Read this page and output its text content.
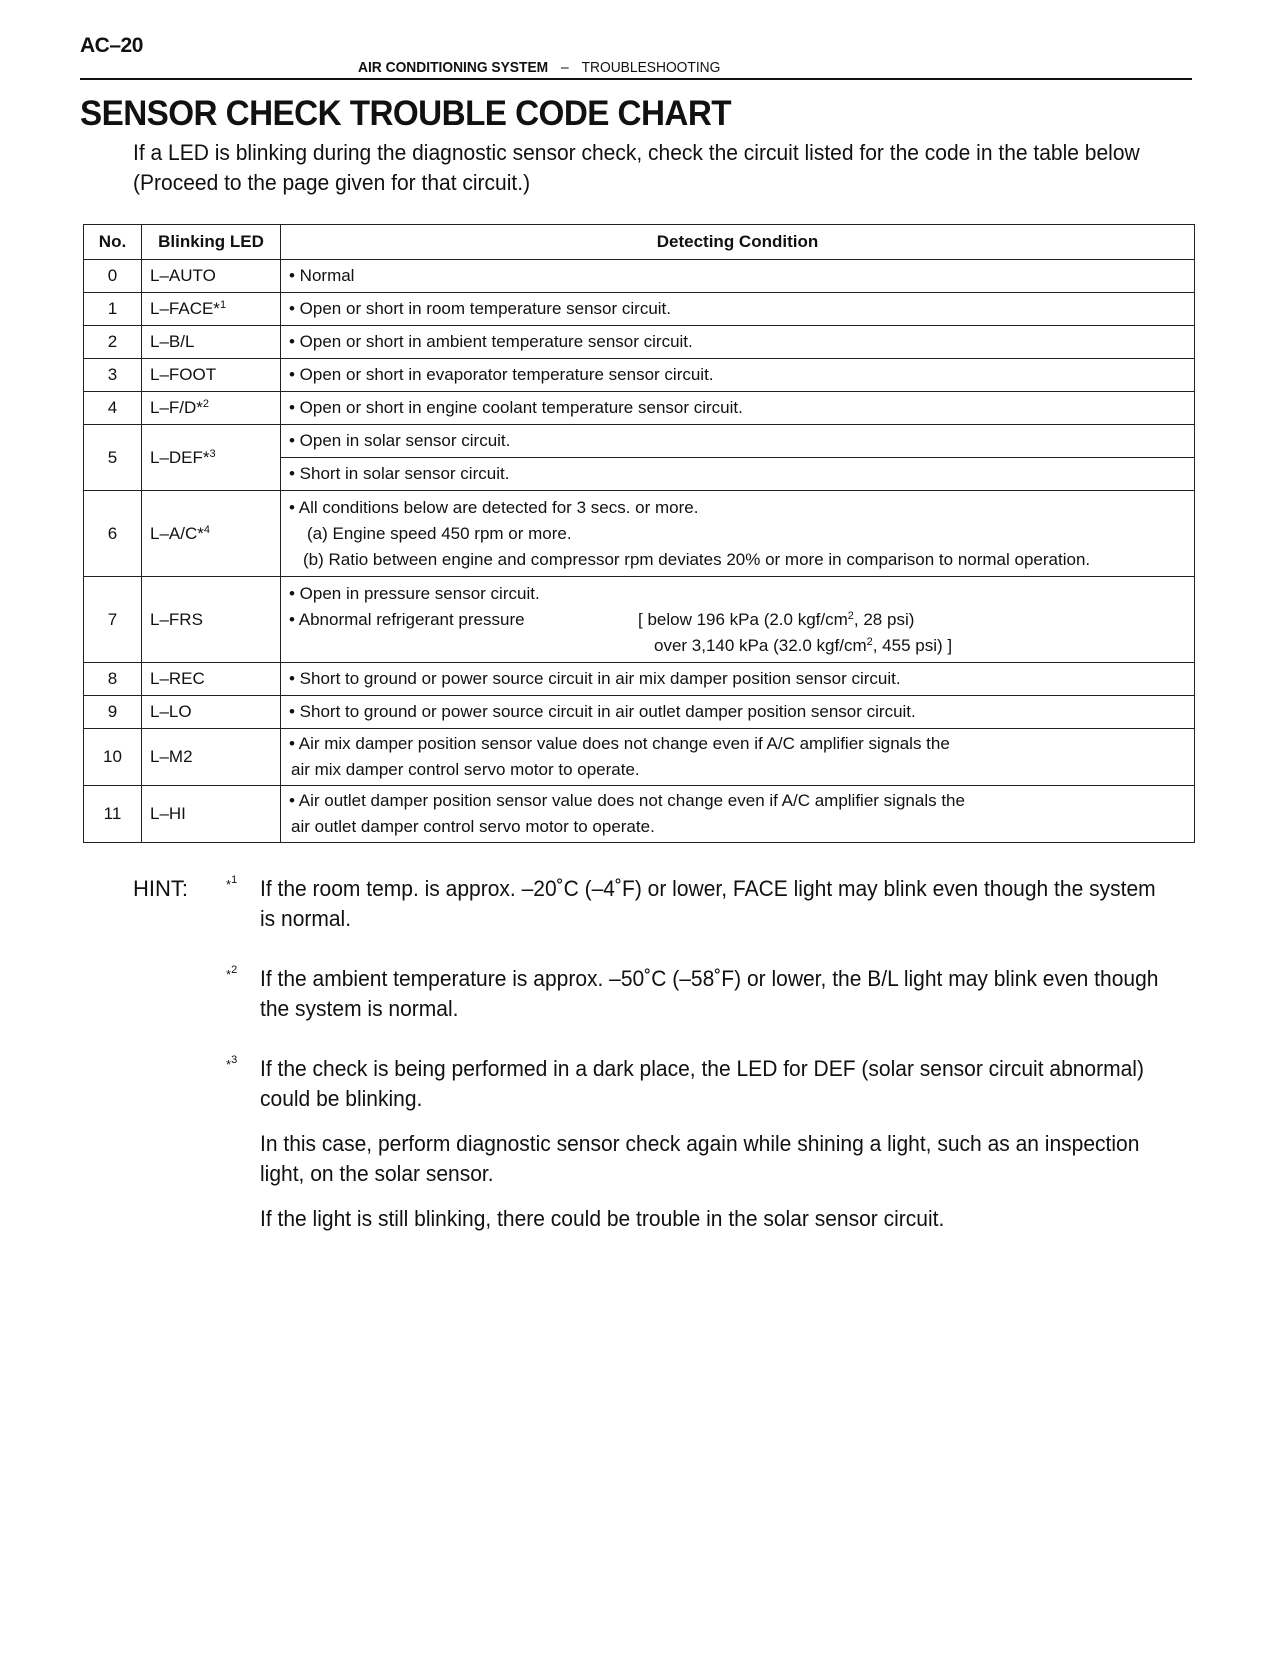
AC–20
AIR CONDITIONING SYSTEM – TROUBLESHOOTING
SENSOR CHECK TROUBLE CODE CHART

If a LED is blinking during the diagnostic sensor check, check the circuit listed for the code in the table below

(Proceed to the page given for that circuit.)

No.	Blinking LED	Detecting Condition
0	L–AUTO	• Normal

1	L–FACE*$^1$	• Open or short in room temperature sensor circuit.

2	L–B/L	• Open or short in ambient temperature sensor circuit.

3	L–FOOT	• Open or short in evaporator temperature sensor circuit.

4	L–F/D*$^2$	• Open or short in engine coolant temperature sensor circuit.

5	L–DEF*$^3$	• Open in solar sensor circuit.

		• Short in solar sensor circuit.

6	L–A/C*$^4$	• All conditions below are detected for 3 secs. or more.
(a) Engine speed 450 rpm or more.
(b) Ratio between engine and compressor rpm deviates 20% or more in comparison to normal operation.

7	L–FRS	• Open in pressure sensor circuit.
• Abnormal refrigerant pressure [ below 196 kPa (2.0 kgf/$cm^2$, 28 psi)
over 3,140 kPa (32.0 kgf/$cm^2$, 455 psi) ]

8	L–REC	• Short to ground or power source circuit in air mix damper position sensor circuit.

9	L–LO	• Short to ground or power source circuit in air outlet damper position sensor circuit.

10	L–M2	• Air mix damper position sensor value does not change even if A/C amplifier signals the
air mix damper control servo motor to operate.

11	L–HI	• Air outlet damper position sensor value does not change even if A/C amplifier signals the
air outlet damper control servo motor to operate.
HINT:	*$^1$	If the room temp. is approx. –20˚C (–4˚F) or lower, FACE light may blink even though the system is normal.

*$^2$	If the ambient temperature is approx. –50˚C (–58˚F) or lower, the B/L light may blink even though the system is normal.

*$^3$	If the check is being performed in a dark place, the LED for DEF (solar sensor circuit abnormal) could be blinking.

In this case, perform diagnostic sensor check again while shining a light, such as an inspection light, on the solar sensor.

If the light is still blinking, there could be trouble in the solar sensor circuit.
